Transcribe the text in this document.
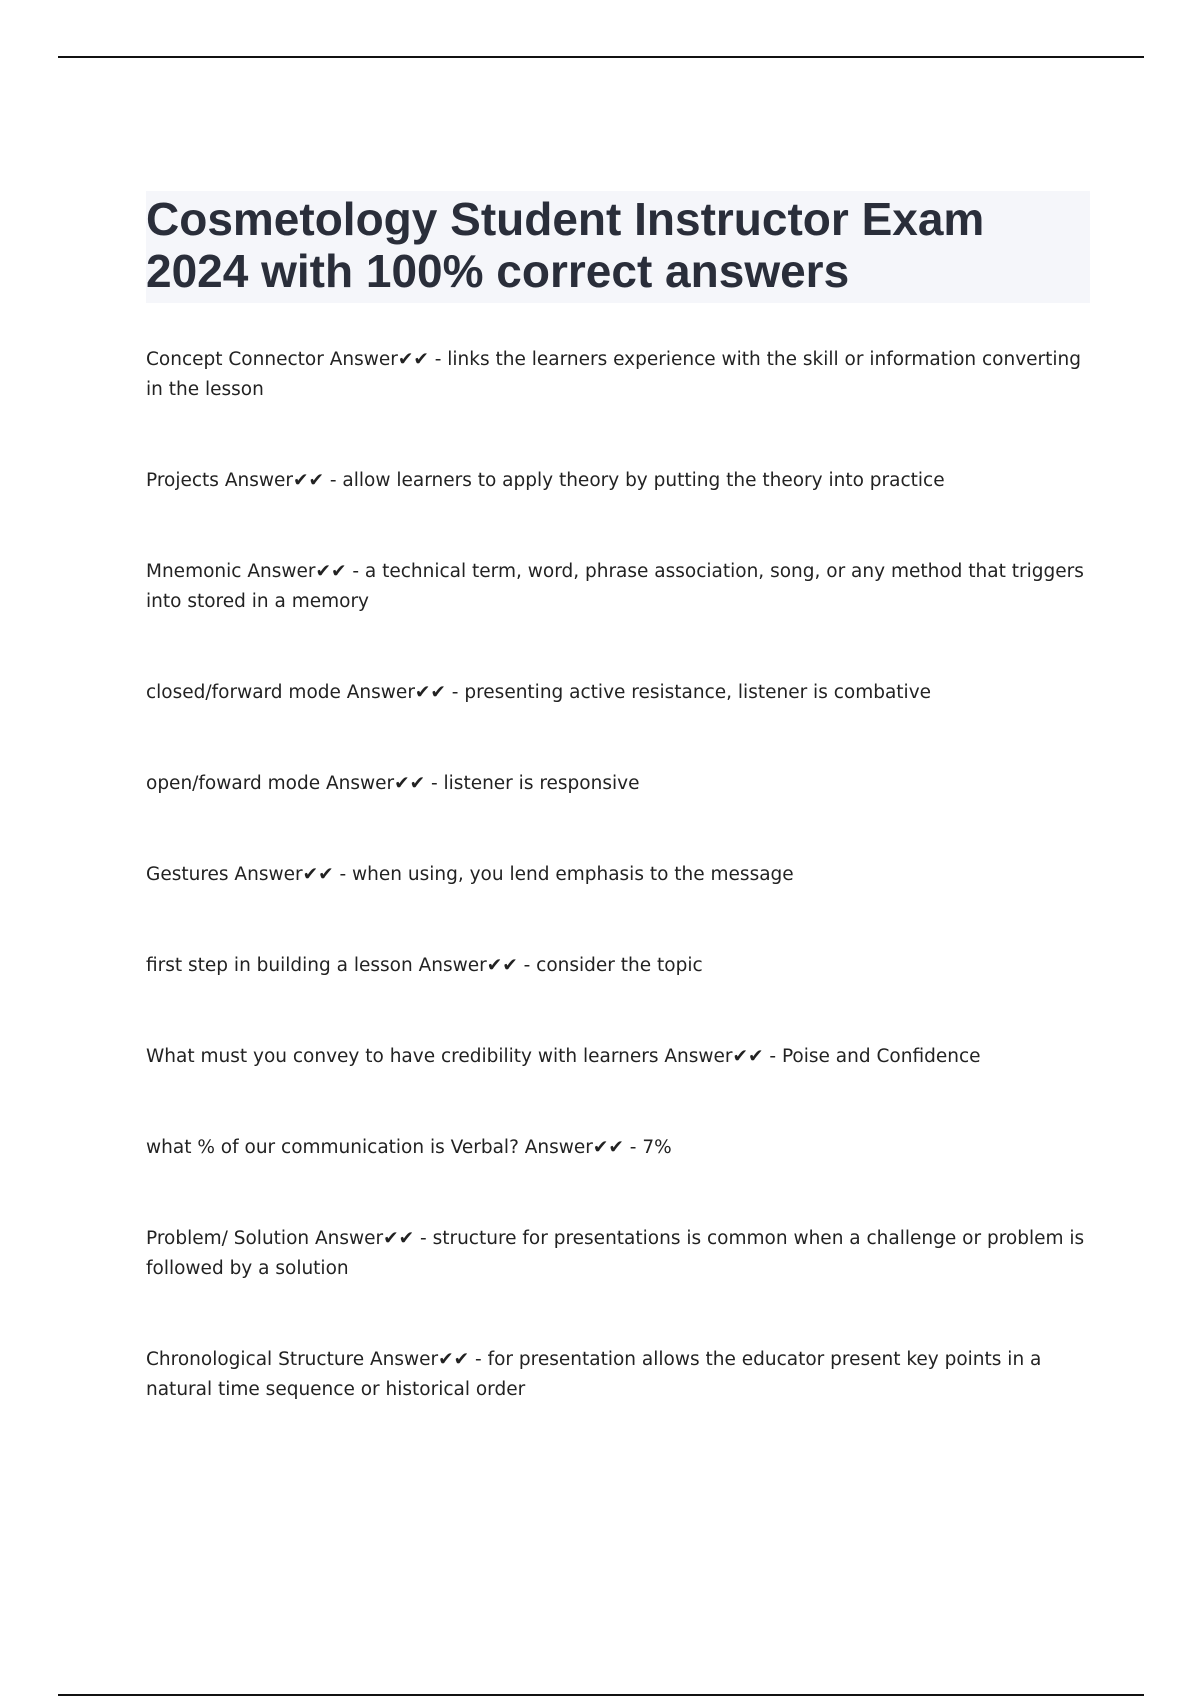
Cosmetology Student Instructor Exam 2024 with 100% correct answers
Concept Connector Answer✔✔ - links the learners experience with the skill or information converting in the lesson
Projects Answer✔✔ - allow learners to apply theory by putting the theory into practice
Mnemonic Answer✔✔ - a technical term, word, phrase association, song, or any method that triggers into stored in a memory
closed/forward mode Answer✔✔ - presenting active resistance, listener is combative
open/foward mode Answer✔✔ - listener is responsive
Gestures Answer✔✔ - when using, you lend emphasis to the message
first step in building a lesson Answer✔✔ - consider the topic
What must you convey to have credibility with learners Answer✔✔ - Poise and Confidence
what % of our communication is Verbal? Answer✔✔ - 7%
Problem/ Solution Answer✔✔ - structure for presentations is common when a challenge or problem is followed by a solution
Chronological Structure Answer✔✔ - for presentation allows the educator present key points in a natural time sequence or historical order
